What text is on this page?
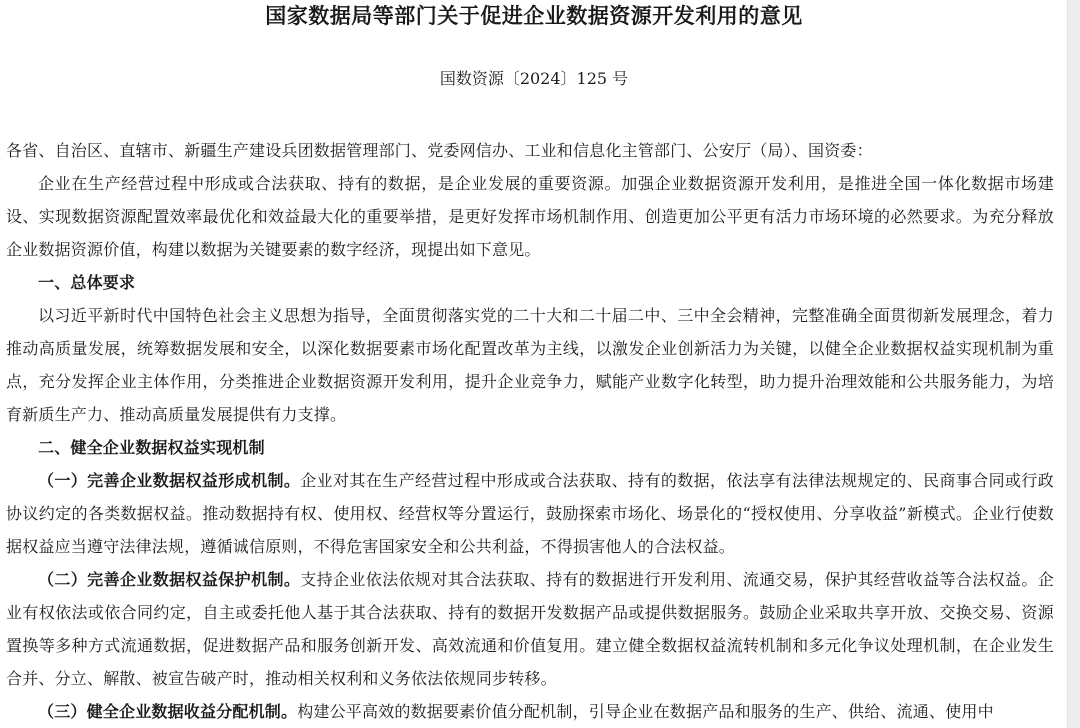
国家数据局等部门关于促进企业数据资源开发利用的意见
国数资源〔2024〕125 号

各省、自治区、直辖市、新疆生产建设兵团数据管理部门、党委网信办、工业和信息化主管部门、公安厅（局）、国资委：

企业在生产经营过程中形成或合法获取、持有的数据，是企业发展的重要资源。加强企业数据资源开发利用，是推进全国一体化数据市场建设、实现数据资源配置效率最优化和效益最大化的重要举措，是更好发挥市场机制作用、创造更加公平更有活力市场环境的必然要求。为充分释放企业数据资源价值，构建以数据为关键要素的数字经济，现提出如下意见。

一、总体要求

以习近平新时代中国特色社会主义思想为指导，全面贯彻落实党的二十大和二十届二中、三中全会精神，完整准确全面贯彻新发展理念，着力推动高质量发展，统筹数据发展和安全，以深化数据要素市场化配置改革为主线，以激发企业创新活力为关键，以健全企业数据权益实现机制为重点，充分发挥企业主体作用，分类推进企业数据资源开发利用，提升企业竞争力，赋能产业数字化转型，助力提升治理效能和公共服务能力，为培育新质生产力、推动高质量发展提供有力支撑。

二、健全企业数据权益实现机制

（一）完善企业数据权益形成机制。企业对其在生产经营过程中形成或合法获取、持有的数据，依法享有法律法规规定的、民商事合同或行政协议约定的各类数据权益。推动数据持有权、使用权、经营权等分置运行，鼓励探索市场化、场景化的“授权使用、分享收益”新模式。企业行使数据权益应当遵守法律法规，遵循诚信原则，不得危害国家安全和公共利益，不得损害他人的合法权益。

（二）完善企业数据权益保护机制。支持企业依法依规对其合法获取、持有的数据进行开发利用、流通交易，保护其经营收益等合法权益。企业有权依法或依合同约定，自主或委托他人基于其合法获取、持有的数据开发数据产品或提供数据服务。鼓励企业采取共享开放、交换交易、资源置换等多种方式流通数据，促进数据产品和服务创新开发、高效流通和价值复用。建立健全数据权益流转机制和多元化争议处理机制，在企业发生合并、分立、解散、被宣告破产时，推动相关权利和义务依法依规同步转移。

（三）健全企业数据收益分配机制。构建公平高效的数据要素价值分配机制，引导企业在数据产品和服务的生产、供给、流通、使用中
